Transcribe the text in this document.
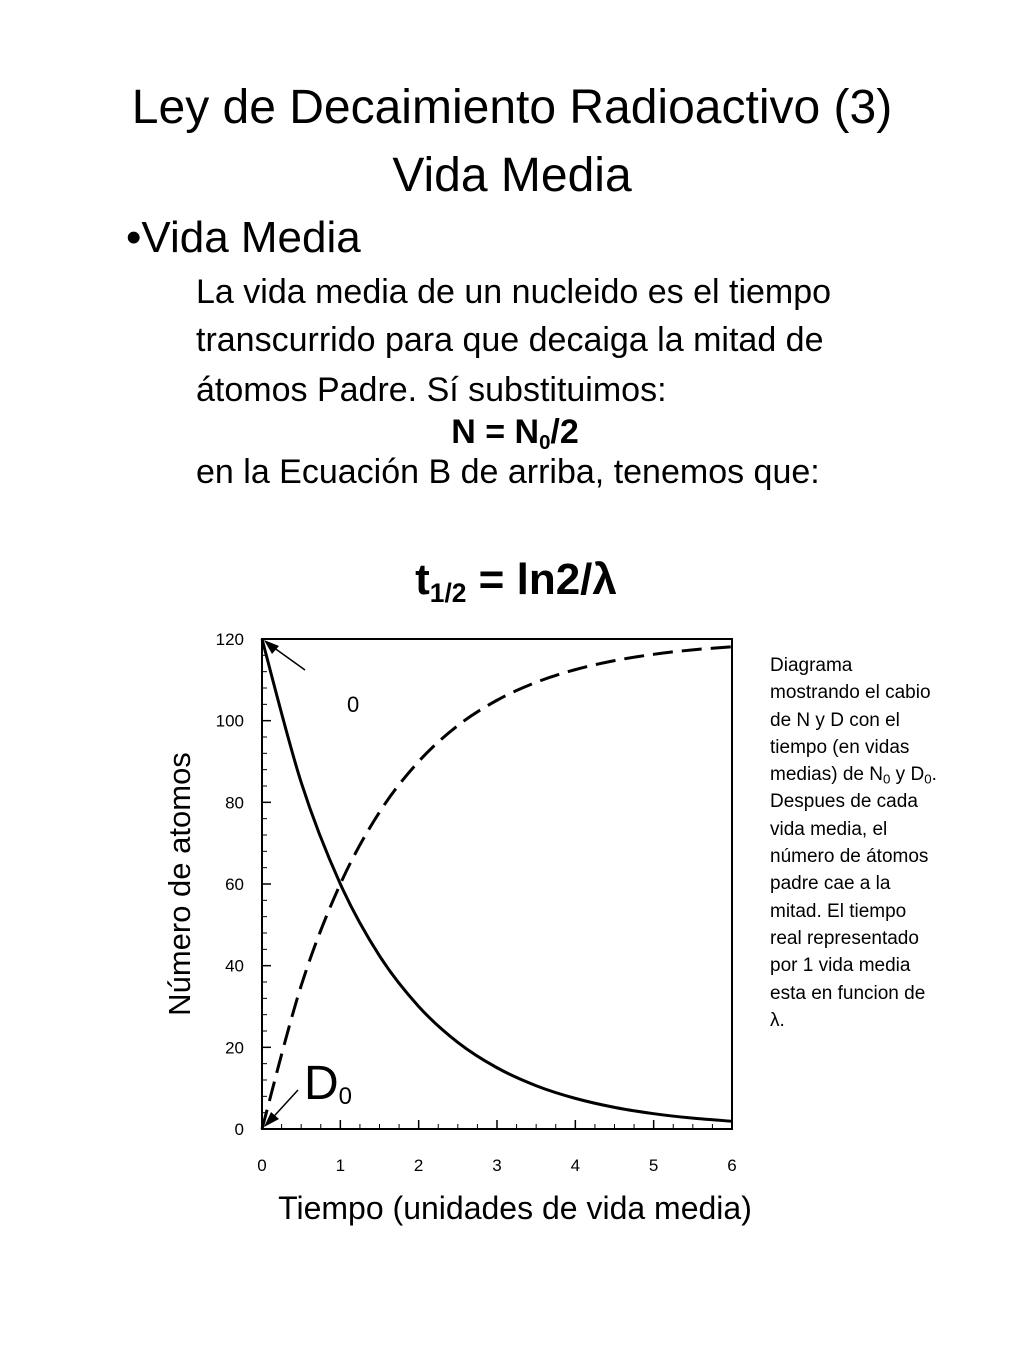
Ley de Decaimiento Radioactivo (3)
Vida Media
•Vida Media
La vida media de un nucleido es el tiempo
transcurrido para que decaiga la mitad de
átomos Padre. Sí substituimos:
$N = N_0/2$
en la Ecuación B de arriba, tenemos que:
$t_{1/2} = \ln 2/\lambda$
0
20
40
60
80
100
120
0	1	2	3	4	5	6
Número de atomos
0
$D_0$
Tiempo (unidades de vida media)
Diagrama mostrando el cabio de N y D con el tiempo (en vidas medias) de $N_0$ y $D_0$. Despues de cada vida media, el número de átomos padre cae a la mitad. El tiempo real representado por 1 vida media esta en funcion de λ.
